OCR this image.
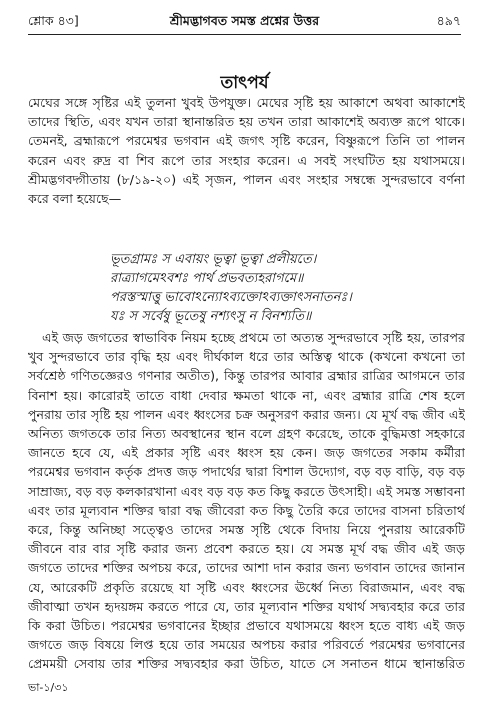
শ্লোক ৪৩]	শ্রীমদ্ভাগবত সমস্ত প্রশ্নের উত্তর	৪৯৭
তাৎপর্য
মেঘের সঙ্গে সৃষ্টির এই তুলনা খুবই উপযুক্ত। মেঘের সৃষ্টি হয় আকাশে অথবা আকাশেই তাদের স্থিতি, এবং যখন তারা স্থানান্তরিত হয় তখন তারা আকাশেই অব্যক্ত রূপে থাকে। তেমনই, ব্রহ্মারূপে পরমেশ্বর ভগবান এই জগৎ সৃষ্টি করেন, বিষ্ণুরূপে তিনি তা পালন করেন এবং রুদ্র বা শিব রূপে তার সংহার করেন। এ সবই সংঘটিত হয় যথাসময়ে। শ্রীমদ্ভগবদ্গীতায় (৮/১৯-২০) এই সৃজন, পালন এবং সংহার সম্বন্ধে সুন্দরভাবে বর্ণনা করে বলা হয়েছে—
ভূতগ্রামঃ স এবায়ং ভূত্বা ভূত্বা প্রলীয়তে।
রাত্র্যাগমেঽবশঃ পার্থ প্রভবত্যহরাগমে॥
পরস্তস্মাত্তু ভাবোঽন্যোঽব্যক্তোঽব্যক্তাৎসনাতনঃ।
যঃ স সর্বেষু ভূতেষু নশ্যৎসু ন বিনশ্যতি॥
এই জড় জগতের স্বাভাবিক নিয়ম হচ্ছে প্রথমে তা অত্যন্ত সুন্দরভাবে সৃষ্টি হয়, তারপর খুব সুন্দরভাবে তার বৃদ্ধি হয় এবং দীর্ঘকাল ধরে তার অস্তিত্ব থাকে (কখনো কখনো তা সর্বশ্রেষ্ঠ গণিতজ্ঞেরও গণনার অতীত), কিন্তু তারপর আবার ব্রহ্মার রাত্রির আগমনে তার বিনাশ হয়। কারোরই তাতে বাধা দেবার ক্ষমতা থাকে না, এবং ব্রহ্মার রাত্রি শেষ হলে পুনরায় তার সৃষ্টি হয় পালন এবং ধ্বংসের চক্র অনুসরণ করার জন্য। যে মূর্খ বদ্ধ জীব এই অনিত্য জগতকে তার নিত্য অবস্থানের স্থান বলে গ্রহণ করেছে, তাকে বুদ্ধিমত্তা সহকারে জানতে হবে যে, এই প্রকার সৃষ্টি এবং ধ্বংস হয় কেন। জড় জগতের সকাম কর্মীরা পরমেশ্বর ভগবান কর্তৃক প্রদত্ত জড় পদার্থের দ্বারা বিশাল উদ্যোগ, বড় বড় বাড়ি, বড় বড় সাম্রাজ্য, বড় বড় কলকারখানা এবং বড় বড় কত কিছু করতে উৎসাহী। এই সমস্ত সম্ভাবনা এবং তার মূল্যবান শক্তির দ্বারা বদ্ধ জীবেরা কত কিছু তৈরি করে তাদের বাসনা চরিতার্থ করে, কিন্তু অনিচ্ছা সত্ত্বেও তাদের সমস্ত সৃষ্টি থেকে বিদায় নিয়ে পুনরায় আরেকটি জীবনে বার বার সৃষ্টি করার জন্য প্রবেশ করতে হয়। যে সমস্ত মূর্খ বদ্ধ জীব এই জড় জগতে তাদের শক্তির অপচয় করে, তাদের আশা দান করার জন্য ভগবান তাদের জানান যে, আরেকটি প্রকৃতি রয়েছে যা সৃষ্টি এবং ধ্বংসের ঊর্ধ্বে নিত্য বিরাজমান, এবং বদ্ধ জীবাত্মা তখন হৃদয়ঙ্গম করতে পারে যে, তার মূল্যবান শক্তির যথার্থ সদ্ব্যবহার করে তার কি করা উচিত। পরমেশ্বর ভগবানের ইচ্ছার প্রভাবে যথাসময়ে ধ্বংস হতে বাধ্য এই জড় জগতে জড় বিষয়ে লিপ্ত হয়ে তার সময়ের অপচয় করার পরিবর্তে পরমেশ্বর ভগবানের প্রেমময়ী সেবায় তার শক্তির সদ্ব্যবহার করা উচিত, যাতে সে সনাতন ধামে স্থানান্তরিত
ভা-১/৩১
